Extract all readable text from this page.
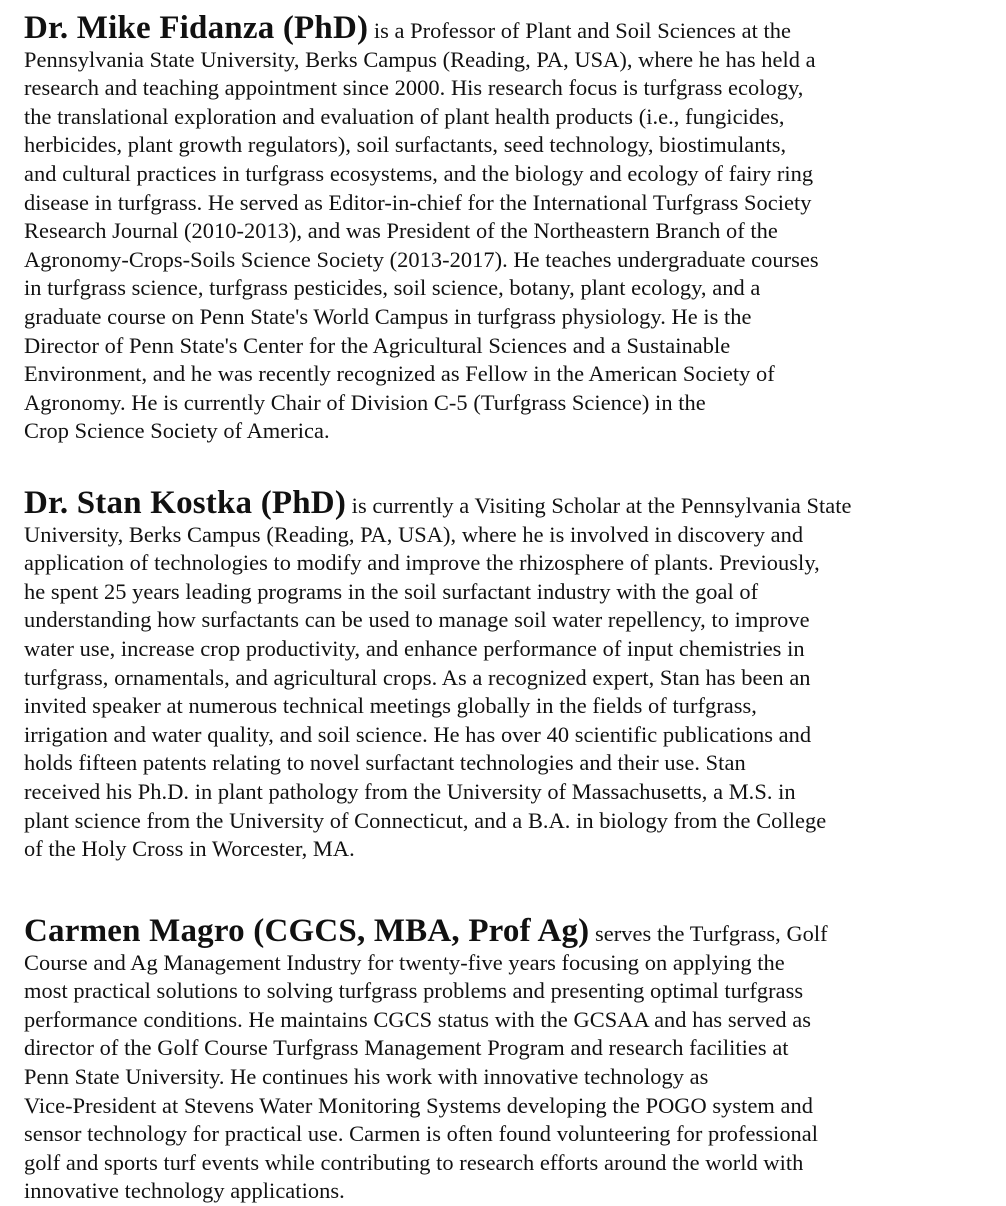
Dr. Mike Fidanza (PhD) is a Professor of Plant and Soil Sciences at the
Pennsylvania State University, Berks Campus (Reading, PA, USA), where he has held a
research and teaching appointment since 2000. His research focus is turfgrass ecology,
the translational exploration and evaluation of plant health products (i.e., fungicides,
herbicides, plant growth regulators), soil surfactants, seed technology, biostimulants,
and cultural practices in turfgrass ecosystems, and the biology and ecology of fairy ring
disease in turfgrass. He served as Editor-in-chief for the International Turfgrass Society
Research Journal (2010-2013), and was President of the Northeastern Branch of the
Agronomy-Crops-Soils Science Society (2013-2017). He teaches undergraduate courses
in turfgrass science, turfgrass pesticides, soil science, botany, plant ecology, and a
graduate course on Penn State's World Campus in turfgrass physiology. He is the
Director of Penn State's Center for the Agricultural Sciences and a Sustainable
Environment, and he was recently recognized as Fellow in the American Society of
Agronomy. He is currently Chair of Division C-5 (Turfgrass Science) in the
Crop Science Society of America.

Dr. Stan Kostka (PhD) is currently a Visiting Scholar at the Pennsylvania State
University, Berks Campus (Reading, PA, USA), where he is involved in discovery and
application of technologies to modify and improve the rhizosphere of plants. Previously,
he spent 25 years leading programs in the soil surfactant industry with the goal of
understanding how surfactants can be used to manage soil water repellency, to improve
water use, increase crop productivity, and enhance performance of input chemistries in
turfgrass, ornamentals, and agricultural crops. As a recognized expert, Stan has been an
invited speaker at numerous technical meetings globally in the fields of turfgrass,
irrigation and water quality, and soil science. He has over 40 scientific publications and
holds fifteen patents relating to novel surfactant technologies and their use. Stan
received his Ph.D. in plant pathology from the University of Massachusetts, a M.S. in
plant science from the University of Connecticut, and a B.A. in biology from the College
of the Holy Cross in Worcester, MA.

Carmen Magro (CGCS, MBA, Prof Ag) serves the Turfgrass, Golf
Course and Ag Management Industry for twenty-five years focusing on applying the
most practical solutions to solving turfgrass problems and presenting optimal turfgrass
performance conditions. He maintains CGCS status with the GCSAA and has served as
director of the Golf Course Turfgrass Management Program and research facilities at
Penn State University. He continues his work with innovative technology as
Vice-President at Stevens Water Monitoring Systems developing the POGO system and
sensor technology for practical use. Carmen is often found volunteering for professional
golf and sports turf events while contributing to research efforts around the world with
innovative technology applications.
